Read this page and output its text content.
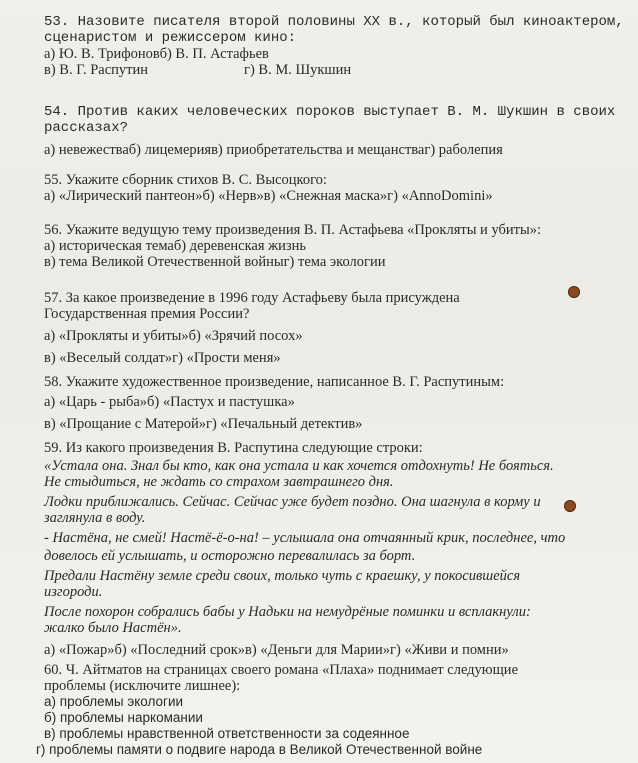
53. Назовите писателя второй половины ХХ в., который был киноактером,
сценаристом и режиссером кино:
а) Ю. В. Трифоновб) В. П. Астафьев
в) В. Г. Распутин	г) В. М. Шукшин
54. Против каких человеческих пороков выступает В. М. Шукшин в своих
рассказах?
а) невежестваб) лицемерияв) приобретательства и мещанстваг) раболепия
55. Укажите сборник стихов В. С. Высоцкого:
а) «Лирический пантеон»б) «Нерв»в) «Снежная маска»г) «AnnoDomini»
56. Укажите ведущую тему произведения В. П. Астафьева «Прокляты и убиты»:
а) историческая темаб) деревенская жизнь
в) тема Великой Отечественной войныг) тема экологии
57. За какое произведение в 1996 году Астафьеву была присуждена
Государственная премия России?
а) «Прокляты и убиты»б) «Зрячий посох»
в) «Веселый солдат»г) «Прости меня»
58. Укажите художественное произведение, написанное В. Г. Распутиным:
а) «Царь - рыба»б) «Пастух и пастушка»
в) «Прощание с Матерой»г) «Печальный детектив»
59. Из какого произведения В. Распутина следующие строки:
«Устала она. Знал бы кто, как она устала и как хочется отдохнуть! Не бояться.
Не стыдиться, не ждать со страхом завтрашнего дня.
Лодки приближались. Сейчас. Сейчас уже будет поздно. Она шагнула в корму и
заглянула в воду.
- Настёна, не смей! Настё-ё-о-на! – услышала она отчаянный крик, последнее, что
довелось ей услышать, и осторожно перевалилась за борт.
Предали Настёну земле среди своих, только чуть с краешку, у покосившейся
изгороди.
После похорон собрались бабы у Надьки на немудрёные поминки и всплакнули:
жалко было Настён».
а) «Пожар»б) «Последний срок»в) «Деньги для Марии»г) «Живи и помни»
60. Ч. Айтматов на страницах своего романа «Плаха» поднимает следующие
проблемы (исключите лишнее):
а) проблемы экологии
б) проблемы наркомании
в) проблемы нравственной ответственности за содеянное
г) проблемы памяти о подвиге народа в Великой Отечественной войне
